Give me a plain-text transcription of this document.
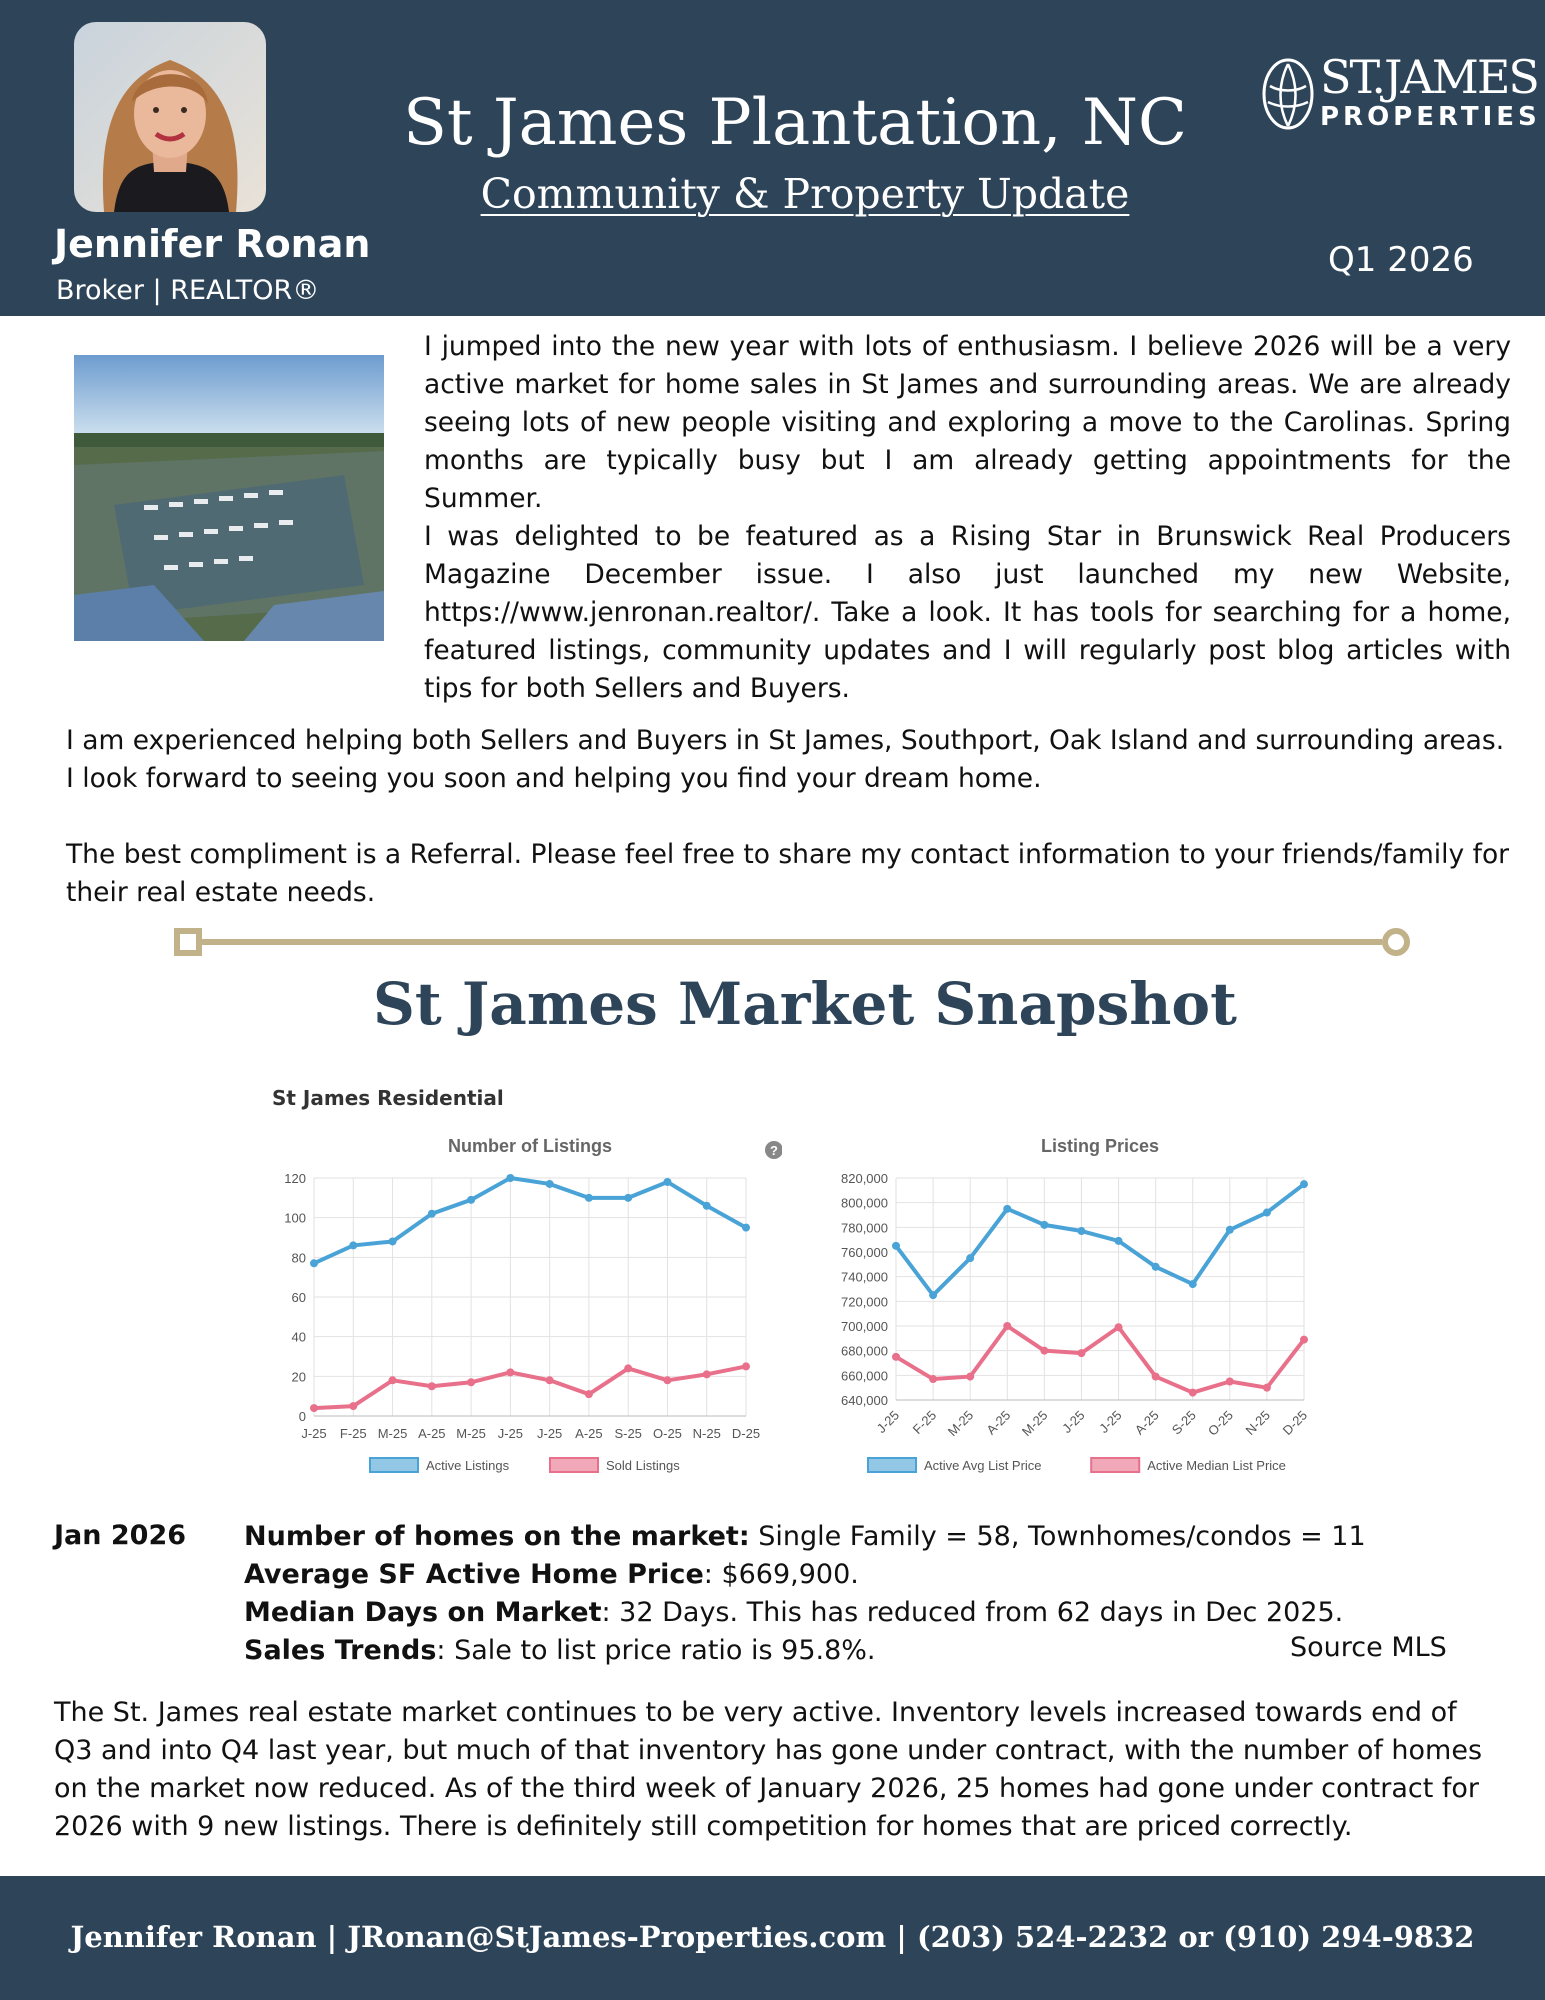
Jennifer Ronan
Broker | REALTOR®
St James Plantation, NC
Community & Property Update
ST.JAMES
PROPERTIES
Q1 2026
I jumped into the new year with lots of enthusiasm. I believe 2026 will be a very active market for home sales in St James and surrounding areas. We are already seeing lots of new people visiting and exploring a move to the Carolinas. Spring months are typically busy but I am already getting appointments for the Summer.
I was delighted to be featured as a Rising Star in Brunswick Real Producers Magazine December issue. I also just launched my new Website, https://www.jenronan.realtor/. Take a look. It has tools for searching for a home, featured listings, community updates and I will regularly post blog articles with tips for both Sellers and Buyers.
I am experienced helping both Sellers and Buyers in St James, Southport, Oak Island and surrounding areas. I look forward to seeing you soon and helping you find your dream home.
The best compliment is a Referral. Please feel free to share my contact information to your friends/family for their real estate needs.
St James Market Snapshot
St James Residential
Number of Listings
0
20
40
60
80
100
120
J-25 F-25 M-25 A-25 M-25 J-25 J-25 A-25 S-25 O-25 N-25 D-25
Active Listings	Sold Listings
?	Listing Prices
640,000
660,000
680,000
700,000
720,000
740,000
760,000
780,000
800,000
820,000
J-25 F-25 M-25 A-25 M-25 J-25 J-25 A-25 S-25 O-25 N-25 D-25
Active Avg List Price	Active Median List Price
Jan 2026 Number of homes on the market: Single Family = 58, Townhomes/condos = 11
Average SF Active Home Price: $669,900.
Median Days on Market: 32 Days. This has reduced from 62 days in Dec 2025.
Sales Trends: Sale to list price ratio is 95.8%.	Source MLS
The St. James real estate market continues to be very active. Inventory levels increased towards end of Q3 and into Q4 last year, but much of that inventory has gone under contract, with the number of homes on the market now reduced. As of the third week of January 2026, 25 homes had gone under contract for 2026 with 9 new listings. There is definitely still competition for homes that are priced correctly.
Jennifer Ronan | JRonan@StJames-Properties.com | (203) 524-2232 or (910) 294-9832
